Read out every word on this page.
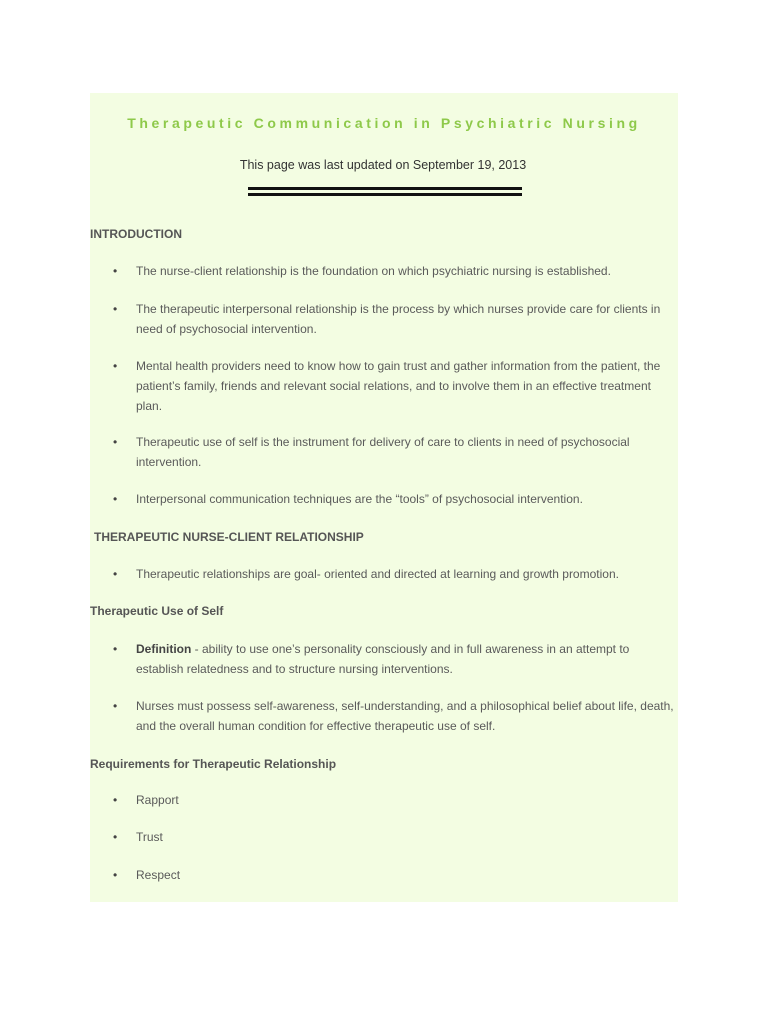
Therapeutic Communication in Psychiatric Nursing
This page was last updated on September 19, 2013
INTRODUCTION
•	The nurse-client relationship is the foundation on which psychiatric nursing is established.
•	The therapeutic interpersonal relationship is the process by which nurses provide care for clients in need of psychosocial intervention.
•	Mental health providers need to know how to gain trust and gather information from the patient, the patient’s family, friends and relevant social relations, and to involve them in an effective treatment plan.
•	Therapeutic use of self is the instrument for delivery of care to clients in need of psychosocial intervention.
•	Interpersonal communication techniques are the “tools” of psychosocial intervention.
THERAPEUTIC NURSE-CLIENT RELATIONSHIP
•	Therapeutic relationships are goal- oriented and directed at learning and growth promotion.
Therapeutic Use of Self
•	Definition - ability to use one’s personality consciously and in full awareness in an attempt to establish relatedness and to structure nursing interventions.
•	Nurses must possess self-awareness, self-understanding, and a philosophical belief about life, death, and the overall human condition for effective therapeutic use of self.
Requirements for Therapeutic Relationship
•	Rapport
•	Trust
•	Respect
